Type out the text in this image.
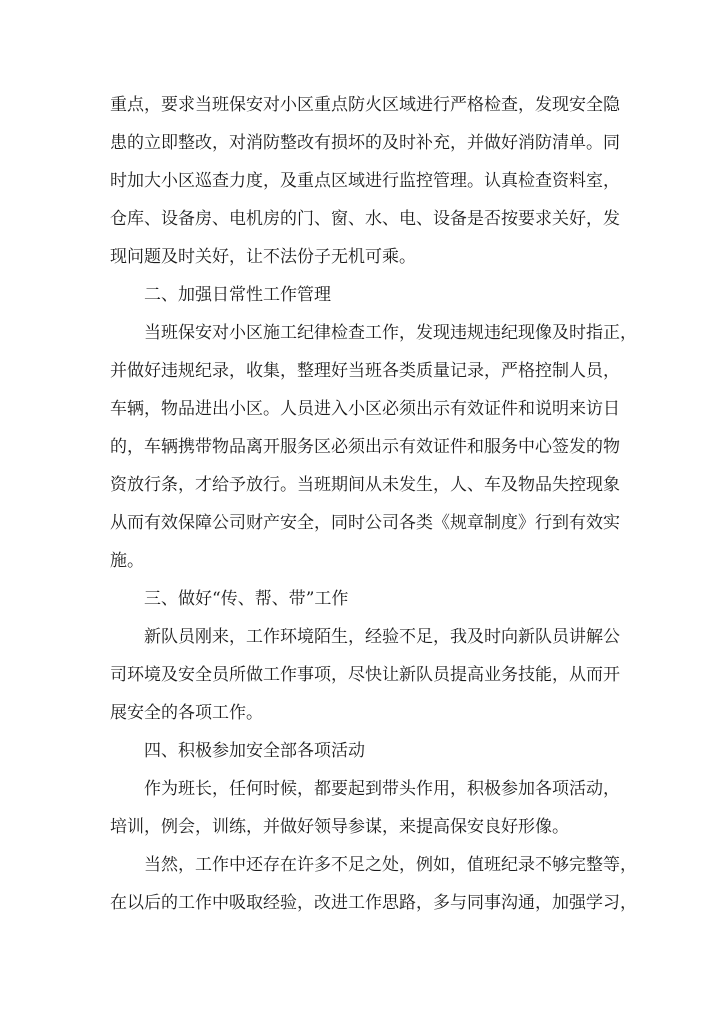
重点，要求当班保安对小区重点防火区域进行严格检查，发现安全隐
患的立即整改，对消防整改有损坏的及时补充，并做好消防清单。同
时加大小区巡查力度，及重点区域进行监控管理。认真检查资料室，
仓库、设备房、电机房的门、窗、水、电、设备是否按要求关好，发
现问题及时关好，让不法份子无机可乘。
二、加强日常性工作管理
当班保安对小区施工纪律检查工作，发现违规违纪现像及时指正，
并做好违规纪录，收集，整理好当班各类质量记录，严格控制人员，
车辆，物品进出小区。人员进入小区必须出示有效证件和说明来访日
的，车辆携带物品离开服务区必须出示有效证件和服务中心签发的物
资放行条，才给予放行。当班期间从未发生，人、车及物品失控现象
从而有效保障公司财产安全，同时公司各类《规章制度》行到有效实
施。
三、做好“传、帮、带”工作
新队员刚来，工作环境陌生，经验不足，我及时向新队员讲解公
司环境及安全员所做工作事项，尽快让新队员提高业务技能，从而开
展安全的各项工作。
四、积极参加安全部各项活动
作为班长，任何时候，都要起到带头作用，积极参加各项活动，
培训，例会，训练，并做好领导参谋，来提高保安良好形像。
当然，工作中还存在许多不足之处，例如，值班纪录不够完整等，
在以后的工作中吸取经验，改进工作思路，多与同事沟通，加强学习，
